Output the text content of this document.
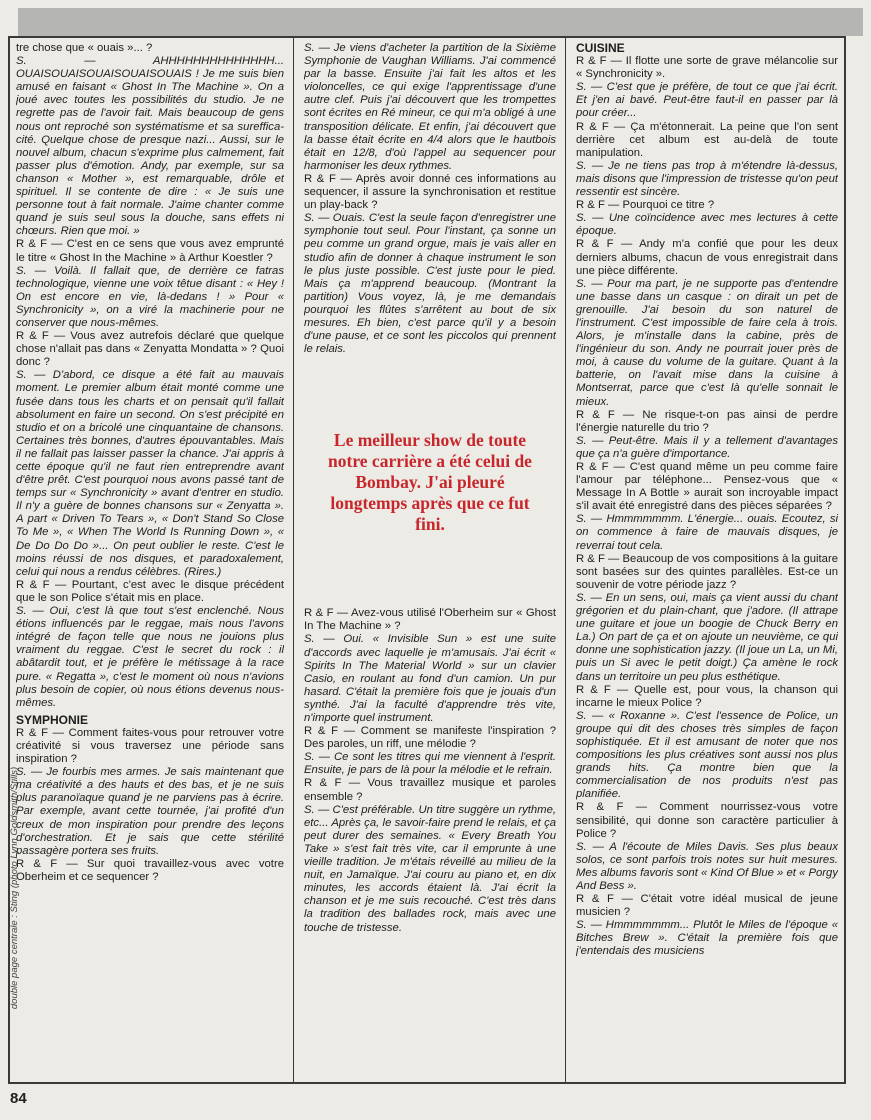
tre chose que « ouais »... ?

S. — AHHHHHHHHHHHHHH... OUAISOUAISOUAISOUAISOUAIS ! Je me suis bien amusé en faisant « Ghost In The Machine ». On a joué avec toutes les possibilités du studio. Je ne regrette pas de l'avoir fait. Mais beaucoup de gens nous ont reproché son systématisme et sa sureffica-cité. Quelque chose de presque nazi... Aussi, sur le nouvel album, chacun s'exprime plus calmement, fait passer plus d'émotion. Andy, par exemple, sur sa chanson « Mother », est remarquable, drôle et spirituel. Il se contente de dire : « Je suis une personne tout à fait normale. J'aime chanter comme quand je suis seul sous la douche, sans effets ni chœurs. Rien que moi. »

R & F — C'est en ce sens que vous avez emprunté le titre « Ghost In the Machine » à Arthur Koestler ?

S. — Voilà. Il fallait que, de derrière ce fatras technologique, vienne une voix têtue disant : « Hey ! On est encore en vie, là-dedans ! » Pour « Synchronicity », on a viré la machinerie pour ne conserver que nous-mêmes.

R & F — Vous avez autrefois déclaré que quelque chose n'allait pas dans « Zenyatta Mondatta » ? Quoi donc ?

S. — D'abord, ce disque a été fait au mauvais moment. Le premier album était monté comme une fusée dans tous les charts et on pensait qu'il fallait absolument en faire un second. On s'est précipité en studio et on a bricolé une cinquantaine de chansons. Certaines très bonnes, d'autres épouvantables. Mais il ne fallait pas laisser passer la chance. J'ai appris à cette époque qu'il ne faut rien entreprendre avant d'être prêt. C'est pourquoi nous avons passé tant de temps sur « Synchronicity » avant d'entrer en studio. Il n'y a guère de bonnes chansons sur « Zenyatta ». A part « Driven To Tears », « Don't Stand So Close To Me », « When The World Is Running Down », « De Do Do Do »... On peut oublier le reste. C'est le moins réussi de nos disques, et paradoxalement, celui qui nous a rendus célèbres. (Rires.)

R & F — Pourtant, c'est avec le disque précédent que le son Police s'était mis en place.

S. — Oui, c'est là que tout s'est enclenché. Nous étions influencés par le reggae, mais nous l'avons intégré de façon telle que nous ne jouions plus vraiment du reggae. C'est le secret du rock : il abâtardit tout, et je préfère le métissage à la race pure. « Regatta », c'est le moment où nous n'avions plus besoin de copier, où nous étions devenus nous-mêmes.

SYMPHONIE

R & F — Comment faites-vous pour retrouver votre créativité si vous traversez une période sans inspiration ?

S. — Je fourbis mes armes. Je sais maintenant que ma créativité a des hauts et des bas, et je ne suis plus paranoïaque quand je ne parviens pas à écrire. Par exemple, avant cette tournée, j'ai profité d'un creux de mon inspiration pour prendre des leçons d'orchestration. Et je sais que cette stérilité passagère portera ses fruits.

R & F — Sur quoi travaillez-vous avec votre Oberheim et ce sequencer ?

S. — Je viens d'acheter la partition de la Sixième Symphonie de Vaughan Williams. J'ai commencé par la basse. Ensuite j'ai fait les altos et les violoncelles, ce qui exige l'apprentissage d'une autre clef. Puis j'ai découvert que les trompettes sont écrites en Ré mineur, ce qui m'a obligé à une transposition délicate. Et enfin, j'ai découvert que la basse était écrite en 4/4 alors que le hautbois était en 12/8, d'où l'appel au sequencer pour harmoniser les deux rythmes.

R & F — Après avoir donné ces informations au sequencer, il assure la synchronisation et restitue un play-back ?

S. — Ouais. C'est la seule façon d'enregistrer une symphonie tout seul. Pour l'instant, ça sonne un peu comme un grand orgue, mais je vais aller en studio afin de donner à chaque instrument le son le plus juste possible. C'est juste pour le pied. Mais ça m'apprend beaucoup. (Montrant la partition) Vous voyez, là, je me demandais pourquoi les flûtes s'arrêtent au bout de six mesures. Eh bien, c'est parce qu'il y a besoin d'une pause, et ce sont les piccolos qui prennent le relais.

Le meilleur show de toute notre carrière a été celui de Bombay. J'ai pleuré longtemps après que ce fut fini.

R & F — Avez-vous utilisé l'Oberheim sur « Ghost In The Machine » ?

S. — Oui. « Invisible Sun » est une suite d'accords avec laquelle je m'amusais. J'ai écrit « Spirits In The Material World » sur un clavier Casio, en roulant au fond d'un camion. Un pur hasard. C'était la première fois que je jouais d'un synthé. J'ai la faculté d'apprendre très vite, n'importe quel instrument.

R & F — Comment se manifeste l'inspiration ? Des paroles, un riff, une mélodie ?

S. — Ce sont les titres qui me viennent à l'esprit. Ensuite, je pars de là pour la mélodie et le refrain.

R & F — Vous travaillez musique et paroles ensemble ?

S. — C'est préférable. Un titre suggère un rythme, etc... Après ça, le savoir-faire prend le relais, et ça peut durer des semaines. « Every Breath You Take » s'est fait très vite, car il emprunte à une vieille tradition. Je m'étais réveillé au milieu de la nuit, en Jamaïque. J'ai couru au piano et, en dix minutes, les accords étaient là. J'ai écrit la chanson et je me suis recouché. C'est très dans la tradition des ballades rock, mais avec une touche de tristesse.

CUISINE

R & F — Il flotte une sorte de grave mélancolie sur « Synchronicity ».

S. — C'est que je préfère, de tout ce que j'ai écrit. Et j'en ai bavé. Peut-être faut-il en passer par là pour créer...

R & F — Ça m'étonnerait. La peine que l'on sent derrière cet album est au-delà de toute manipulation.

S. — Je ne tiens pas trop à m'étendre là-dessus, mais disons que l'impression de tristesse qu'on peut ressentir est sincère.

R & F — Pourquoi ce titre ?

S. — Une coïncidence avec mes lectures à cette époque.

R & F — Andy m'a confié que pour les deux derniers albums, chacun de vous enregistrait dans une pièce différente.

S. — Pour ma part, je ne supporte pas d'entendre une basse dans un casque : on dirait un pet de grenouille. J'ai besoin du son naturel de l'instrument. C'est impossible de faire cela à trois. Alors, je m'installe dans la cabine, près de l'ingénieur du son. Andy ne pourrait jouer près de moi, à cause du volume de la guitare. Quant à la batterie, on l'avait mise dans la cuisine à Montserrat, parce que c'est là qu'elle sonnait le mieux.

R & F — Ne risque-t-on pas ainsi de perdre l'énergie naturelle du trio ?

S. — Peut-être. Mais il y a tellement d'avantages que ça n'a guère d'importance.

R & F — C'est quand même un peu comme faire l'amour par téléphone... Pensez-vous que « Message In A Bottle » aurait son incroyable impact s'il avait été enregistré dans des pièces séparées ?

S. — Hmmmmmmm. L'énergie... ouais. Ecoutez, si on commence à faire de mauvais disques, je reverrai tout cela.

R & F — Beaucoup de vos compositions à la guitare sont basées sur des quintes parallèles. Est-ce un souvenir de votre période jazz ?

S. — En un sens, oui, mais ça vient aussi du chant grégorien et du plain-chant, que j'adore. (Il attrape une guitare et joue un boogie de Chuck Berry en La.) On part de ça et on ajoute un neuvième, ce qui donne une sophistication jazzy. (Il joue un La, un Mi, puis un Si avec le petit doigt.) Ça amène le rock dans un territoire un peu plus esthétique.

R & F — Quelle est, pour vous, la chanson qui incarne le mieux Police ?

S. — « Roxanne ». C'est l'essence de Police, un groupe qui dit des choses très simples de façon sophistiquée. Et il est amusant de noter que nos compositions les plus créatives sont aussi nos plus grands hits. Ça montre bien que la commercialisation de nos produits n'est pas planifiée.

R & F — Comment nourrissez-vous votre sensibilité, qui donne son caractère particulier à Police ?

S. — A l'écoute de Miles Davis. Ses plus beaux solos, ce sont parfois trois notes sur huit mesures. Mes albums favoris sont « Kind Of Blue » et « Porgy And Bess ».

R & F — C'était votre idéal musical de jeune musicien ?

S. — Hmmmmmmm... Plutôt le Miles de l'époque « Bitches Brew ». C'était la première fois que j'entendais des musiciens

double page centrale : Sting (photo Lynn Goldsmith/Stills)
84
